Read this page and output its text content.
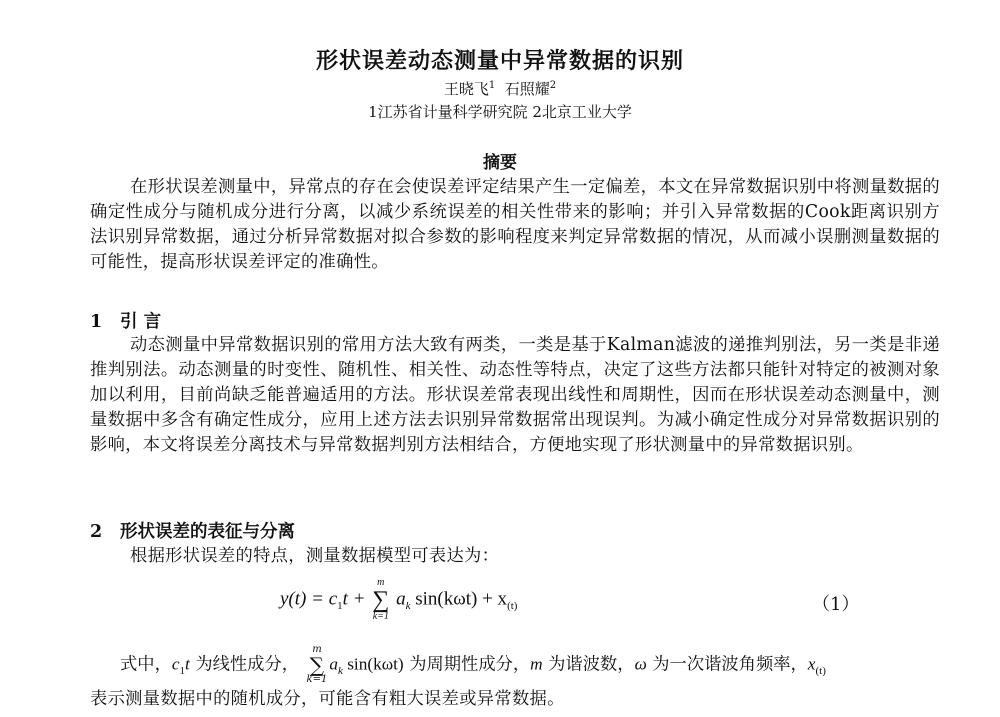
形状误差动态测量中异常数据的识别
王晓飞$^1$ 石照耀$^2$
1江苏省计量科学研究院 2北京工业大学
摘要

在形状误差测量中，异常点的存在会使误差评定结果产生一定偏差，本文在异常数据识别中将测量数据的确定性成分与随机成分进行分离，以减少系统误差的相关性带来的影响；并引入异常数据的Cook距离识别方法识别异常数据，通过分析异常数据对拟合参数的影响程度来判定异常数据的情况，从而减小误删测量数据的可能性，提高形状误差评定的准确性。

1 引 言

动态测量中异常数据识别的常用方法大致有两类，一类是基于Kalman滤波的递推判别法，另一类是非递推判别法。动态测量的时变性、随机性、相关性、动态性等特点，决定了这些方法都只能针对特定的被测对象加以利用，目前尚缺乏能普遍适用的方法。形状误差常表现出线性和周期性，因而在形状误差动态测量中，测量数据中多含有确定性成分，应用上述方法去识别异常数据常出现误判。为减小确定性成分对异常数据识别的影响，本文将误差分离技术与异常数据判别方法相结合，方便地实现了形状测量中的异常数据识别。

2 形状误差的表征与分离

根据形状误差的特点，测量数据模型可表达为：

$y(t) = c_1t$ +
m
∑
k=1
$a_k$ $\sin(k\omega t) + x_{(t)}$	（1）
式中，$c_1t$ 为线性成分，
m
∑
k=1
$a_k$ sin(kωt) 为周期性成分，m 为谐波数，ω 为一次谐波角频率，$x_{(t)}$
表示测量数据中的随机成分，可能含有粗大误差或异常数据。
